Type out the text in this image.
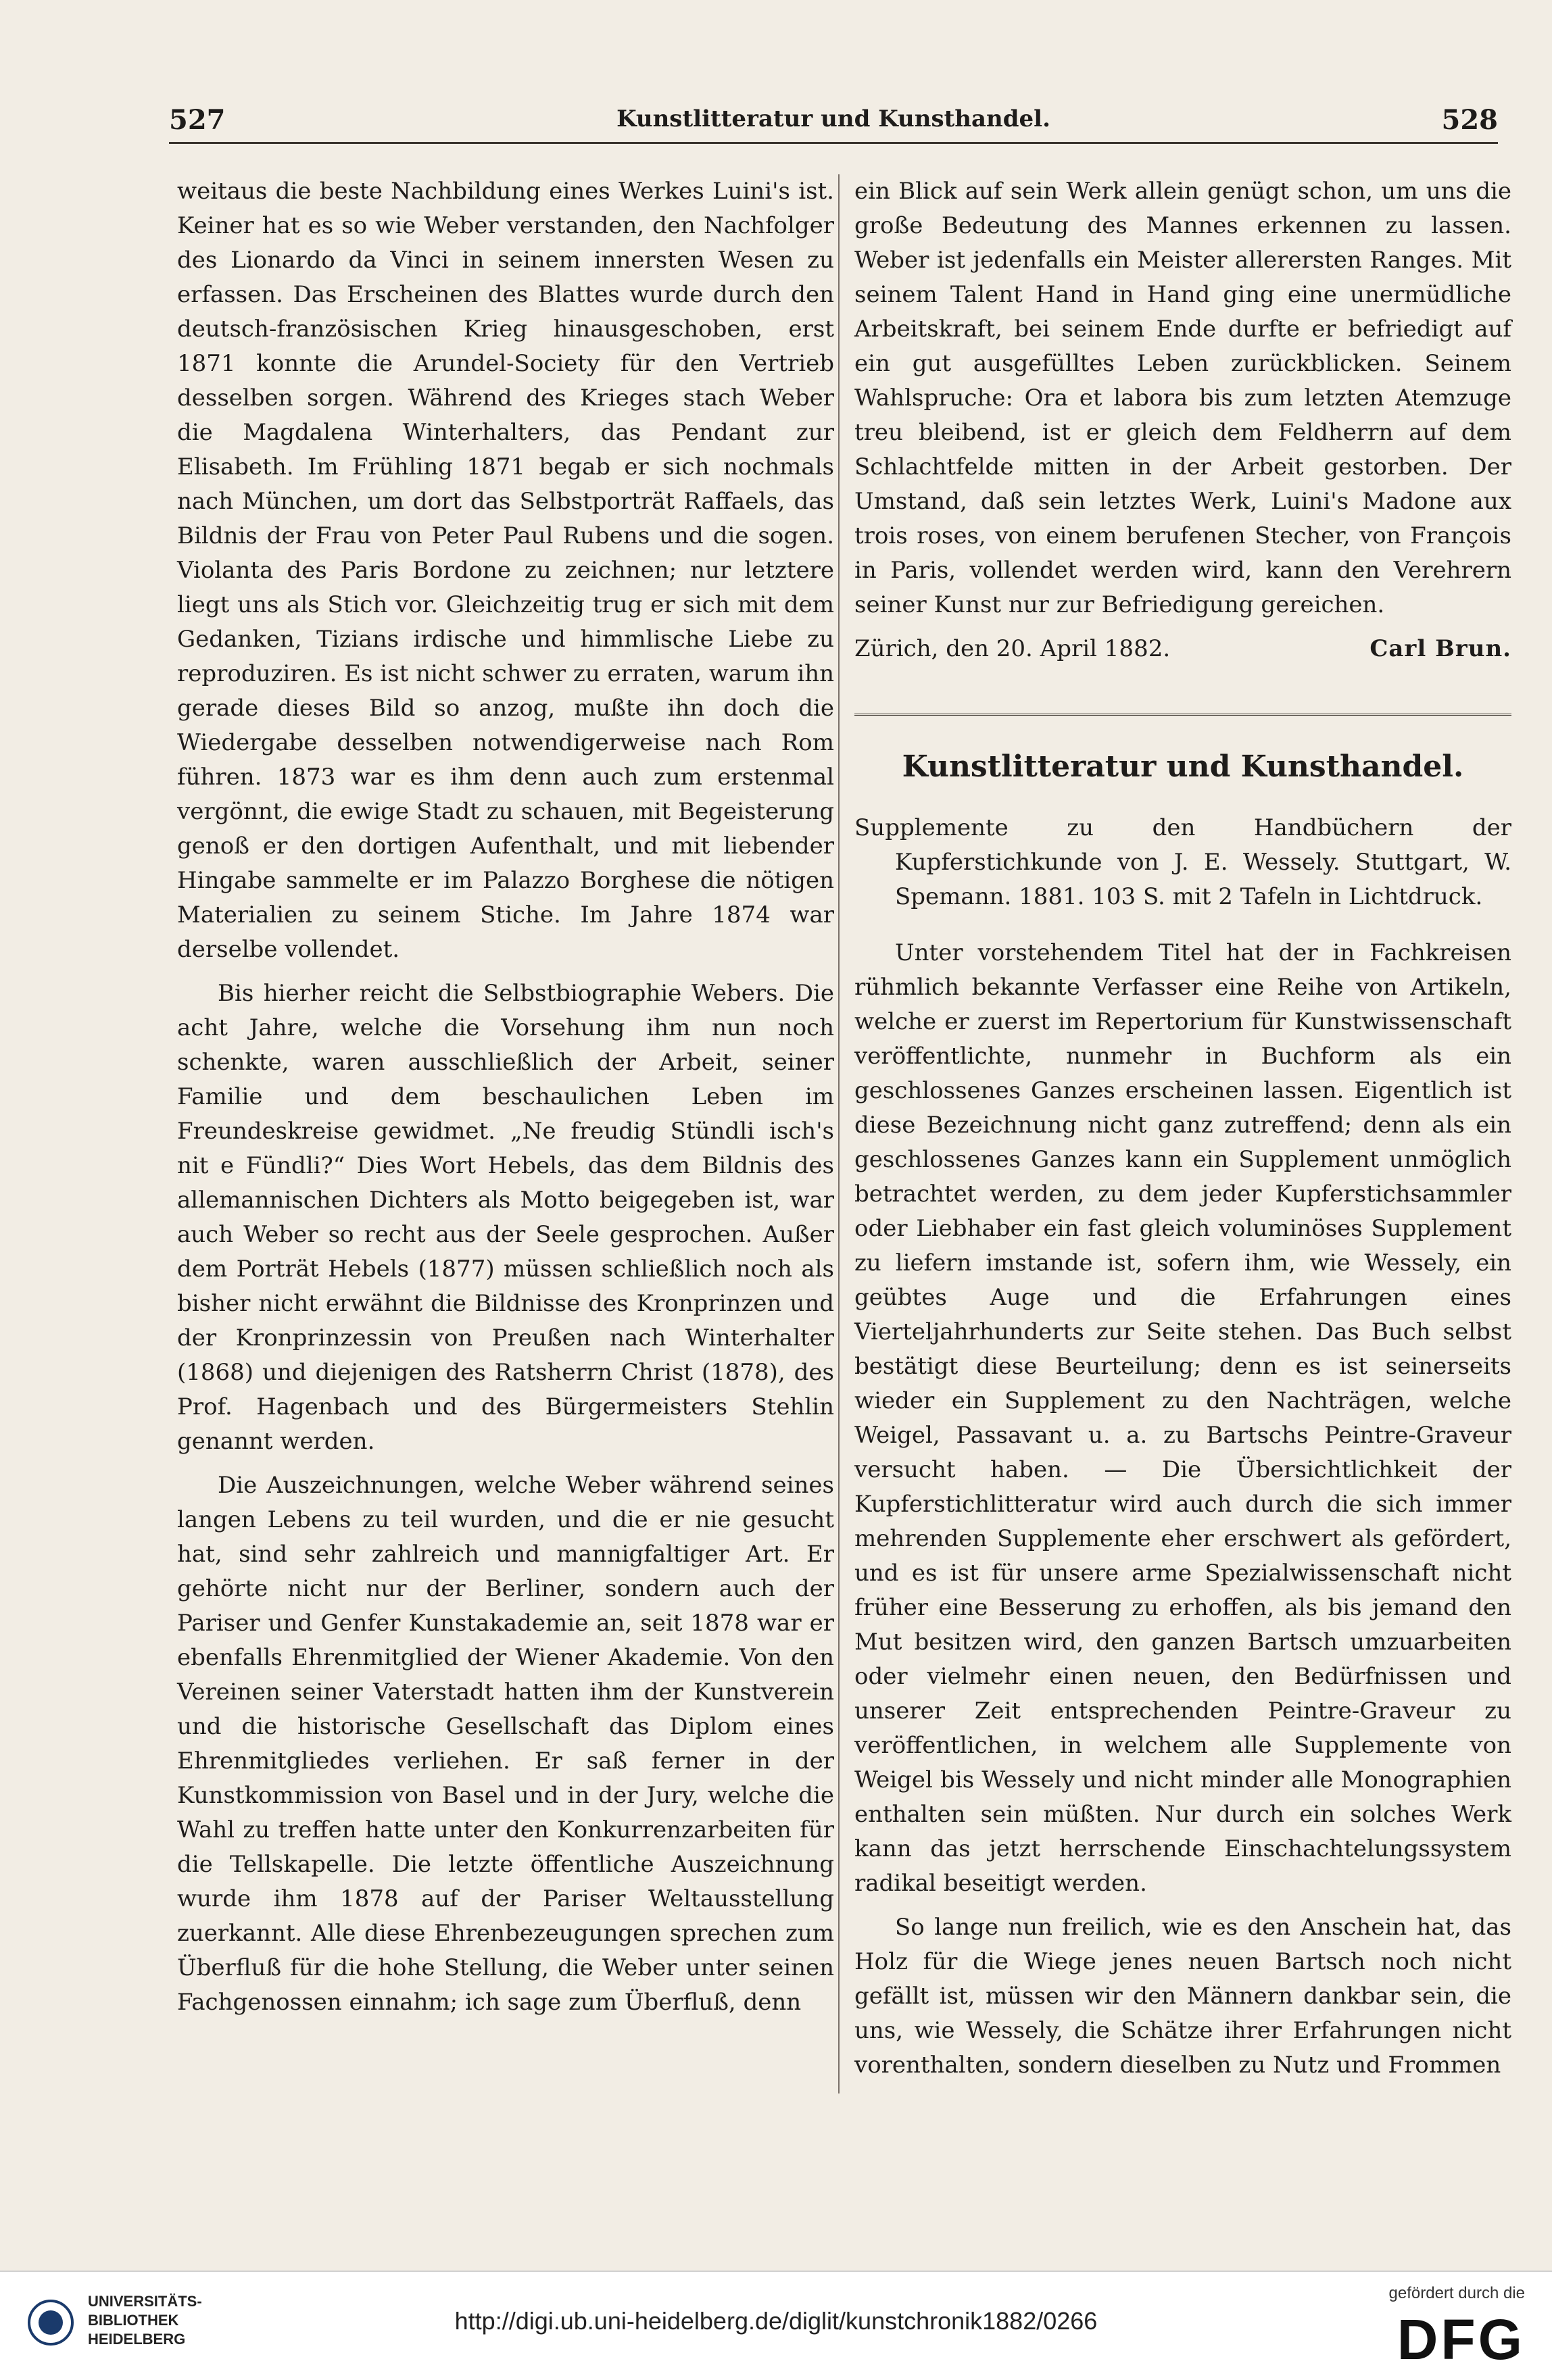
527	Kunstlitteratur und Kunsthandel.	528

weitaus die beste Nachbildung eines Werkes Luini's ist. Keiner hat es so wie Weber verstanden, den Nachfolger des Lionardo da Vinci in seinem innersten Wesen zu erfassen. Das Erscheinen des Blattes wurde durch den deutsch-französischen Krieg hinausgeschoben, erst 1871 konnte die Arundel-Society für den Vertrieb desselben sorgen. Während des Krieges stach Weber die Magdalena Winterhalters, das Pendant zur Elisabeth. Im Frühling 1871 begab er sich nochmals nach München, um dort das Selbstporträt Raffaels, das Bildnis der Frau von Peter Paul Rubens und die sogen. Violanta des Paris Bordone zu zeichnen; nur letztere liegt uns als Stich vor. Gleichzeitig trug er sich mit dem Gedanken, Tizians irdische und himmlische Liebe zu reproduziren. Es ist nicht schwer zu erraten, warum ihn gerade dieses Bild so anzog, mußte ihn doch die Wiedergabe desselben notwendigerweise nach Rom führen. 1873 war es ihm denn auch zum erstenmal vergönnt, die ewige Stadt zu schauen, mit Begeisterung genoß er den dortigen Aufenthalt, und mit liebender Hingabe sammelte er im Palazzo Borghese die nötigen Materialien zu seinem Stiche. Im Jahre 1874 war derselbe vollendet.

Bis hierher reicht die Selbstbiographie Webers. Die acht Jahre, welche die Vorsehung ihm nun noch schenkte, waren ausschließlich der Arbeit, seiner Familie und dem beschaulichen Leben im Freundeskreise gewidmet. „Ne freudig Stündli isch's nit e Fündli?“ Dies Wort Hebels, das dem Bildnis des allemannischen Dichters als Motto beigegeben ist, war auch Weber so recht aus der Seele gesprochen. Außer dem Porträt Hebels (1877) müssen schließlich noch als bisher nicht erwähnt die Bildnisse des Kronprinzen und der Kronprinzessin von Preußen nach Winterhalter (1868) und diejenigen des Ratsherrn Christ (1878), des Prof. Hagenbach und des Bürgermeisters Stehlin genannt werden.

Die Auszeichnungen, welche Weber während seines langen Lebens zu teil wurden, und die er nie gesucht hat, sind sehr zahlreich und mannigfaltiger Art. Er gehörte nicht nur der Berliner, sondern auch der Pariser und Genfer Kunstakademie an, seit 1878 war er ebenfalls Ehrenmitglied der Wiener Akademie. Von den Vereinen seiner Vaterstadt hatten ihm der Kunstverein und die historische Gesellschaft das Diplom eines Ehrenmitgliedes verliehen. Er saß ferner in der Kunstkommission von Basel und in der Jury, welche die Wahl zu treffen hatte unter den Konkurrenzarbeiten für die Tellskapelle. Die letzte öffentliche Auszeichnung wurde ihm 1878 auf der Pariser Weltausstellung zuerkannt. Alle diese Ehrenbezeugungen sprechen zum Überfluß für die hohe Stellung, die Weber unter seinen Fachgenossen einnahm; ich sage zum Überfluß, denn

ein Blick auf sein Werk allein genügt schon, um uns die große Bedeutung des Mannes erkennen zu lassen. Weber ist jedenfalls ein Meister allerersten Ranges. Mit seinem Talent Hand in Hand ging eine unermüdliche Arbeitskraft, bei seinem Ende durfte er befriedigt auf ein gut ausgefülltes Leben zurückblicken. Seinem Wahlspruche: Ora et labora bis zum letzten Atemzuge treu bleibend, ist er gleich dem Feldherrn auf dem Schlachtfelde mitten in der Arbeit gestorben. Der Umstand, daß sein letztes Werk, Luini's Madone aux trois roses, von einem berufenen Stecher, von François in Paris, vollendet werden wird, kann den Verehrern seiner Kunst nur zur Befriedigung gereichen.

Zürich, den 20. April 1882.	Carl Brun.
Kunstlitteratur und Kunsthandel.
Supplemente zu den Handbüchern der Kupferstichkunde von J. E. Wessely. Stuttgart, W. Spemann. 1881. 103 S. mit 2 Tafeln in Lichtdruck.

Unter vorstehendem Titel hat der in Fachkreisen rühmlich bekannte Verfasser eine Reihe von Artikeln, welche er zuerst im Repertorium für Kunstwissenschaft veröffentlichte, nunmehr in Buchform als ein geschlossenes Ganzes erscheinen lassen. Eigentlich ist diese Bezeichnung nicht ganz zutreffend; denn als ein geschlossenes Ganzes kann ein Supplement unmöglich betrachtet werden, zu dem jeder Kupferstichsammler oder Liebhaber ein fast gleich voluminöses Supplement zu liefern imstande ist, sofern ihm, wie Wessely, ein geübtes Auge und die Erfahrungen eines Vierteljahrhunderts zur Seite stehen. Das Buch selbst bestätigt diese Beurteilung; denn es ist seinerseits wieder ein Supplement zu den Nachträgen, welche Weigel, Passavant u. a. zu Bartschs Peintre-Graveur versucht haben. — Die Übersichtlichkeit der Kupferstichlitteratur wird auch durch die sich immer mehrenden Supplemente eher erschwert als gefördert, und es ist für unsere arme Spezialwissenschaft nicht früher eine Besserung zu erhoffen, als bis jemand den Mut besitzen wird, den ganzen Bartsch umzuarbeiten oder vielmehr einen neuen, den Bedürfnissen und unserer Zeit entsprechenden Peintre-Graveur zu veröffentlichen, in welchem alle Supplemente von Weigel bis Wessely und nicht minder alle Monographien enthalten sein müßten. Nur durch ein solches Werk kann das jetzt herrschende Einschachtelungssystem radikal beseitigt werden.

So lange nun freilich, wie es den Anschein hat, das Holz für die Wiege jenes neuen Bartsch noch nicht gefällt ist, müssen wir den Männern dankbar sein, die uns, wie Wessely, die Schätze ihrer Erfahrungen nicht vorenthalten, sondern dieselben zu Nutz und Frommen

UNIVERSITÄTS-
BIBLIOTHEK
HEIDELBERG
http://digi.ub.uni-heidelberg.de/diglit/kunstchronik1882/0266
gefördert durch die
DFG
